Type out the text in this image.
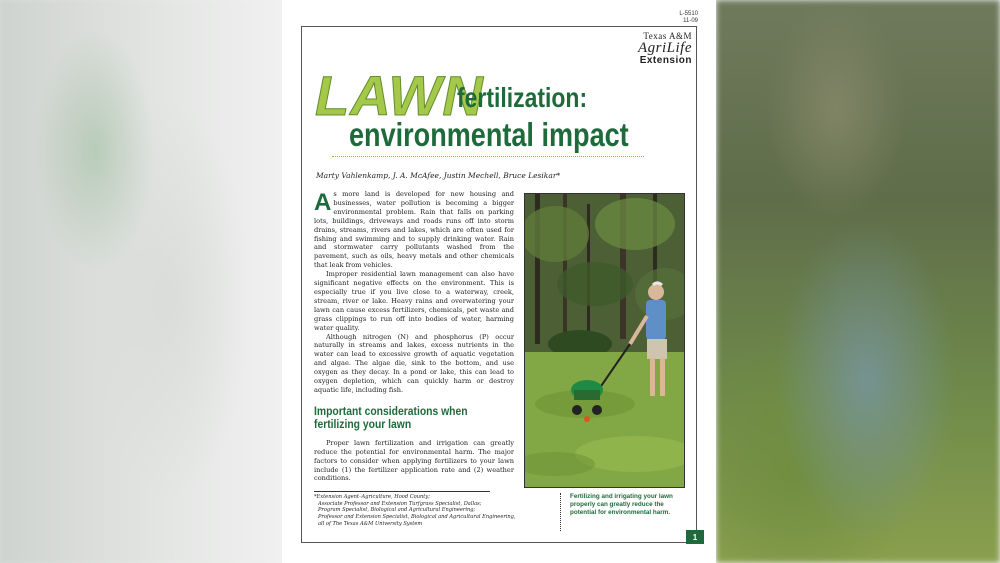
L-5510
11-09
Texas A&M
AgriLife
Extension
LAWN
fertilization:
environmental impact
Marty Vahlenkamp, J. A. McAfee, Justin Mechell, Bruce Lesikar*

As more land is developed for new housing and businesses, water pollution is becoming a bigger environmental problem. Rain that falls on parking lots, buildings, driveways and roads runs off into storm drains, streams, rivers and lakes, which are often used for fishing and swimming and to supply drinking water. Rain and stormwater carry pollutants washed from the pavement, such as oils, heavy metals and other chemicals that leak from vehicles.

Improper residential lawn management can also have significant negative effects on the environment. This is especially true if you live close to a waterway, creek, stream, river or lake. Heavy rains and overwatering your lawn can cause excess fertilizers, chemicals, pet waste and grass clippings to run off into bodies of water, harming water quality.

Although nitrogen (N) and phosphorus (P) occur naturally in streams and lakes, excess nutrients in the water can lead to excessive growth of aquatic vegetation and algae. The algae die, sink to the bottom, and use oxygen as they decay. In a pond or lake, this can lead to oxygen depletion, which can quickly harm or destroy aquatic life, including fish.

Important considerations when
fertilizing your lawn

Proper lawn fertilization and irrigation can greatly reduce the potential for environmental harm. The major factors to consider when applying fertilizers to your lawn include (1) the fertilizer application rate and (2) weather conditions.

*Extension Agent–Agriculture, Hood County;
Associate Professor and Extension Turfgrass Specialist, Dallas;
Program Specialist, Biological and Agricultural Engineering;
Professor and Extension Specialist, Biological and Agricultural Engineering,
all of The Texas A&M University System
Fertilizing and irrigating your lawn properly can greatly reduce the potential for environmental harm.
1
